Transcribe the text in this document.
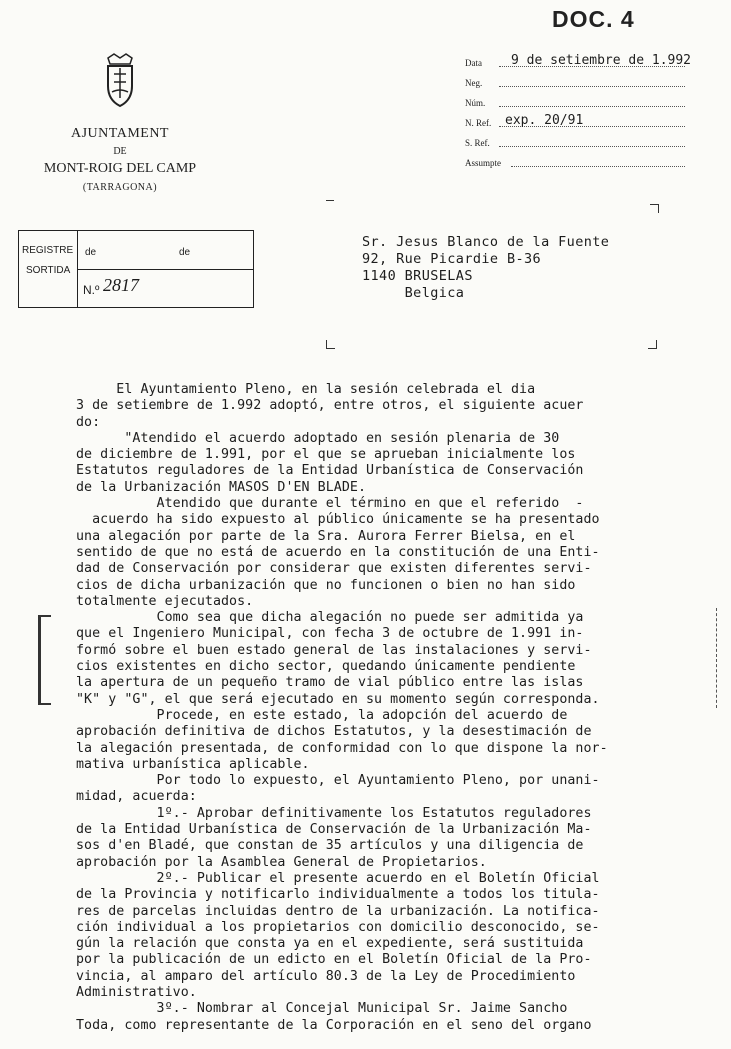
DOC. 4
AJUNTAMENT
DE
MONT-ROIG DEL CAMP
(TARRAGONA)
REGISTRE
SORTIDA
de	de
N.º 2817
Data 9 de setiembre de 1.992
Neg.
Núm.
N. Ref. exp. 20/91
S. Ref.
Assumpte
Sr. Jesus Blanco de la Fuente
92, Rue Picardie B-36
1140 BRUSELAS
Belgica
El Ayuntamiento Pleno, en la sesión celebrada el dia
3 de setiembre de 1.992 adoptó, entre otros, el siguiente acuer
do:
"Atendido el acuerdo adoptado en sesión plenaria de 30
de diciembre de 1.991, por el que se aprueban inicialmente los
Estatutos reguladores de la Entidad Urbanística de Conservación
de la Urbanización MASOS D'EN BLADE.
Atendido que durante el término en que el referido  -
acuerdo ha sido expuesto al público únicamente se ha presentado
una alegación por parte de la Sra. Aurora Ferrer Bielsa, en el
sentido de que no está de acuerdo en la constitución de una Enti-
dad de Conservación por considerar que existen diferentes servi-
cios de dicha urbanización que no funcionen o bien no han sido
totalmente ejecutados.
Como sea que dicha alegación no puede ser admitida ya
que el Ingeniero Municipal, con fecha 3 de octubre de 1.991 in-
formó sobre el buen estado general de las instalaciones y servi-
cios existentes en dicho sector, quedando únicamente pendiente
la apertura de un pequeño tramo de vial público entre las islas
"K" y "G", el que será ejecutado en su momento según corresponda.
Procede, en este estado, la adopción del acuerdo de
aprobación definitiva de dichos Estatutos, y la desestimación de
la alegación presentada, de conformidad con lo que dispone la nor-
mativa urbanística aplicable.
Por todo lo expuesto, el Ayuntamiento Pleno, por unani-
midad, acuerda:
1º.- Aprobar definitivamente los Estatutos reguladores
de la Entidad Urbanística de Conservación de la Urbanización Ma-
sos d'en Bladé, que constan de 35 artículos y una diligencia de
aprobación por la Asamblea General de Propietarios.
2º.- Publicar el presente acuerdo en el Boletín Oficial
de la Provincia y notificarlo individualmente a todos los titula-
res de parcelas incluidas dentro de la urbanización. La notifica-
ción individual a los propietarios con domicilio desconocido, se-
gún la relación que consta ya en el expediente, será sustituida
por la publicación de un edicto en el Boletín Oficial de la Pro-
vincia, al amparo del artículo 80.3 de la Ley de Procedimiento
Administrativo.
3º.- Nombrar al Concejal Municipal Sr. Jaime Sancho
Toda, como representante de la Corporación en el seno del organo
